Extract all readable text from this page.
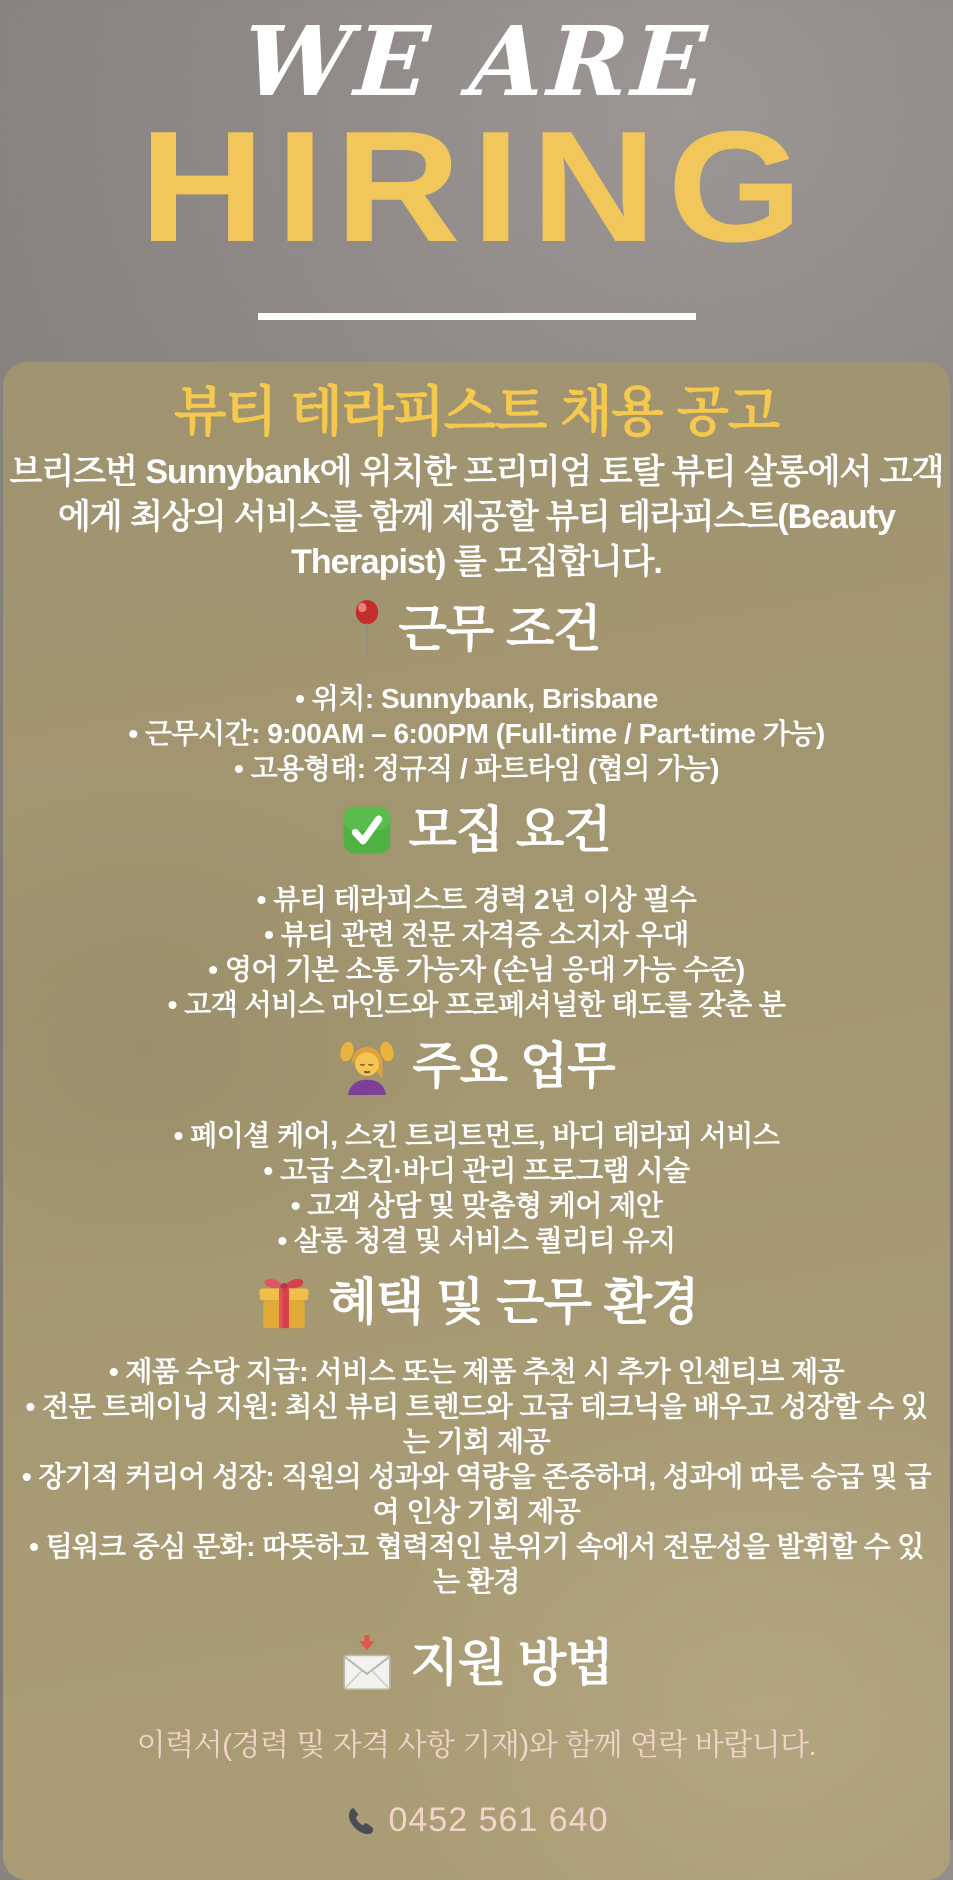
WE ARE
HIRING
뷰티 테라피스트 채용 공고

브리즈번 Sunnybank에 위치한 프리미엄 토탈 뷰티 살롱에서 고객에게 최상의 서비스를 함께 제공할 뷰티 테라피스트(Beauty Therapist) 를 모집합니다.

근무 조건
• 위치: Sunnybank, Brisbane
• 근무시간: 9:00AM – 6:00PM (Full-time / Part-time 가능)
• 고용형태: 정규직 / 파트타임 (협의 가능)
모집 요건
• 뷰티 테라피스트 경력 2년 이상 필수
• 뷰티 관련 전문 자격증 소지자 우대
• 영어 기본 소통 가능자 (손님 응대 가능 수준)
• 고객 서비스 마인드와 프로페셔널한 태도를 갖춘 분
주요 업무
• 페이셜 케어, 스킨 트리트먼트, 바디 테라피 서비스
• 고급 스킨·바디 관리 프로그램 시술
• 고객 상담 및 맞춤형 케어 제안
• 살롱 청결 및 서비스 퀄리티 유지
혜택 및 근무 환경
• 제품 수당 지급: 서비스 또는 제품 추천 시 추가 인센티브 제공
• 전문 트레이닝 지원: 최신 뷰티 트렌드와 고급 테크닉을 배우고 성장할 수 있는 기회 제공
• 장기적 커리어 성장: 직원의 성과와 역량을 존중하며, 성과에 따른 승급 및 급여 인상 기회 제공
• 팀워크 중심 문화: 따뜻하고 협력적인 분위기 속에서 전문성을 발휘할 수 있는 환경
지원 방법

이력서(경력 및 자격 사항 기재)와 함께 연락 바랍니다.

0452 561 640
